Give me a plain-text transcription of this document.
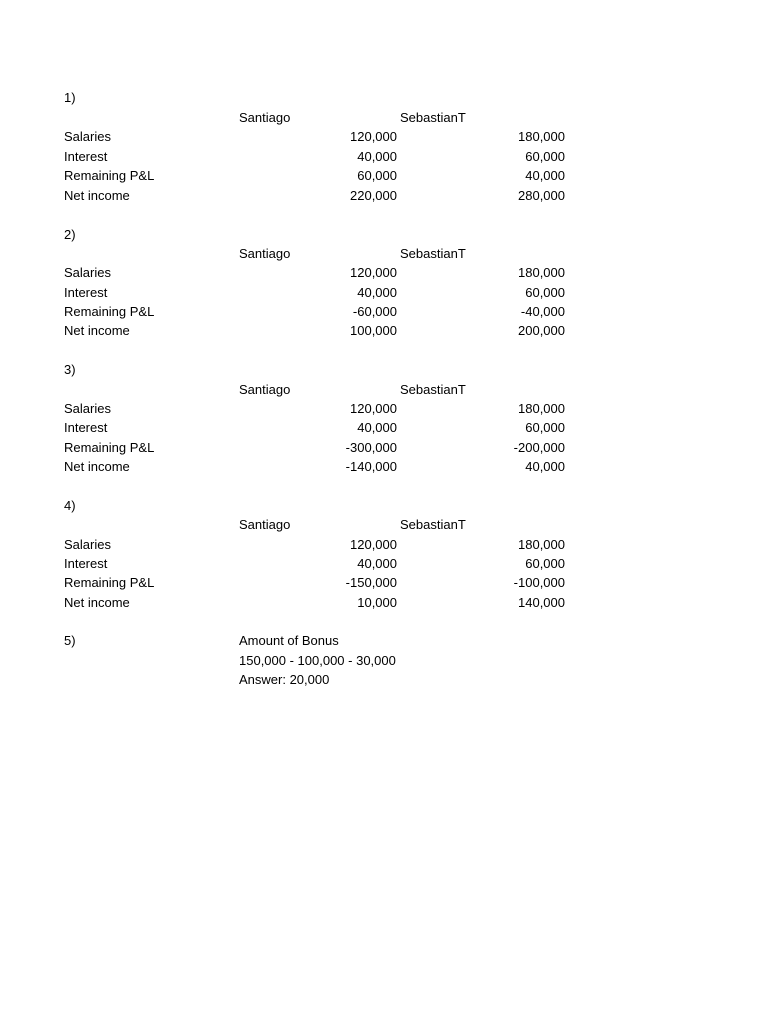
1)
Santiago	SebastianT
Salaries	120,000	180,000
Interest	40,000	60,000
Remaining P&L	60,000	40,000
Net income	220,000	280,000
2)
Santiago	SebastianT
Salaries	120,000	180,000
Interest	40,000	60,000
Remaining P&L	-60,000	-40,000
Net income	100,000	200,000
3)
Santiago	SebastianT
Salaries	120,000	180,000
Interest	40,000	60,000
Remaining P&L	-300,000	-200,000
Net income	-140,000	40,000
4)
Santiago	SebastianT
Salaries	120,000	180,000
Interest	40,000	60,000
Remaining P&L	-150,000	-100,000
Net income	10,000	140,000
5)	Amount of Bonus
150,000 - 100,000 - 30,000
Answer: 20,000
